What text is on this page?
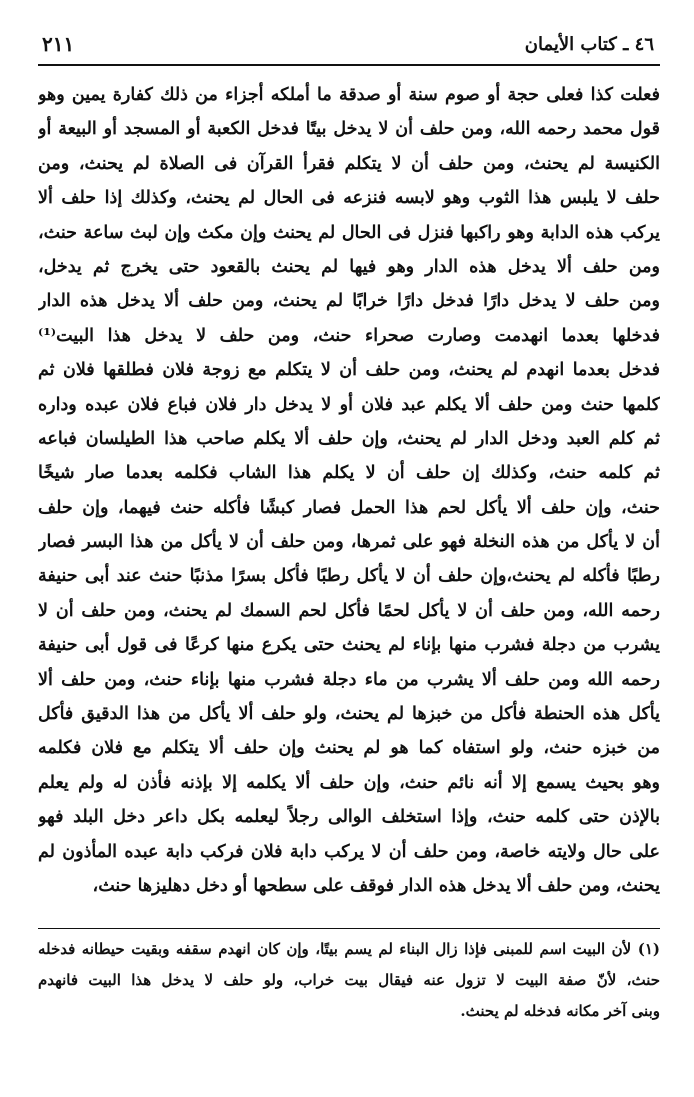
٤٦ ـ كتاب الأيمان
٢١١
فعلت كذا فعلى حجة أو صوم سنة أو صدقة ما أملكه أجزاء من ذلك كفارة يمين وهو
قول محمد رحمه الله، ومن حلف أن لا يدخل بيتًا فدخل الكعبة أو المسجد أو البيعة أو
الكنيسة لم يحنث، ومن حلف أن لا يتكلم فقرأ القرآن فى الصلاة لم يحنث، ومن
حلف لا يلبس هذا الثوب وهو لابسه فنزعه فى الحال لم يحنث، وكذلك إذا حلف ألا
يركب هذه الدابة وهو راكبها فنزل فى الحال لم يحنث وإن مكث وإن لبث ساعة حنث،
ومن حلف ألا يدخل هذه الدار وهو فيها لم يحنث بالقعود حتى يخرج ثم يدخل،
ومن حلف لا يدخل دارًا فدخل دارًا خرابًا لم يحنث، ومن حلف ألا يدخل هذه الدار
فدخلها بعدما انهدمت وصارت صحراء حنث، ومن حلف لا يدخل هذا البيت⁽¹⁾
فدخل بعدما انهدم لم يحنث، ومن حلف أن لا يتكلم مع زوجة فلان فطلقها فلان ثم
كلمها حنث ومن حلف ألا يكلم عبد فلان أو لا يدخل دار فلان فباع فلان عبده وداره
ثم كلم العبد ودخل الدار لم يحنث، وإن حلف ألا يكلم صاحب هذا الطيلسان فباعه
ثم كلمه حنث، وكذلك إن حلف أن لا يكلم هذا الشاب فكلمه بعدما صار شيخًا
حنث، وإن حلف ألا يأكل لحم هذا الحمل فصار كبشًا فأكله حنث فيهما، وإن حلف
أن لا يأكل من هذه النخلة فهو على ثمرها، ومن حلف أن لا يأكل من هذا البسر فصار
رطبًا فأكله لم يحنث،وإن حلف أن لا يأكل رطبًا فأكل بسرًا مذنبًا حنث عند أبى حنيفة
رحمه الله، ومن حلف أن لا يأكل لحمًا فأكل لحم السمك لم يحنث، ومن حلف أن لا
يشرب من دجلة فشرب منها بإناء لم يحنث حتى يكرع منها كرعًا فى قول أبى حنيفة
رحمه الله ومن حلف ألا يشرب من ماء دجلة فشرب منها بإناء حنث، ومن حلف ألا
يأكل هذه الحنطة فأكل من خبزها لم يحنث، ولو حلف ألا يأكل من هذا الدقيق فأكل
من خبزه حنث، ولو استفاه كما هو لم يحنث وإن حلف ألا يتكلم مع فلان فكلمه
وهو بحيث يسمع إلا أنه نائم حنث، وإن حلف ألا يكلمه إلا بإذنه فأذن له ولم يعلم
بالإذن حتى كلمه حنث، وإذا استخلف الوالى رجلاً ليعلمه بكل داعر دخل البلد فهو
على حال ولايته خاصة، ومن حلف أن لا يركب دابة فلان فركب دابة عبده المأذون لم
يحنث، ومن حلف ألا يدخل هذه الدار فوقف على سطحها أو دخل دهليزها حنث،
(١) لأن البيت اسم للمبنى فإذا زال البناء لم يسم بيتًا، وإن كان انهدم سقفه وبقيت حيطانه فدخله
حنث، لأنّ صفة البيت لا تزول عنه فيقال بيت خراب، ولو حلف لا يدخل هذا البيت فانهدم
وبنى آخر مكانه فدخله لم يحنث.
